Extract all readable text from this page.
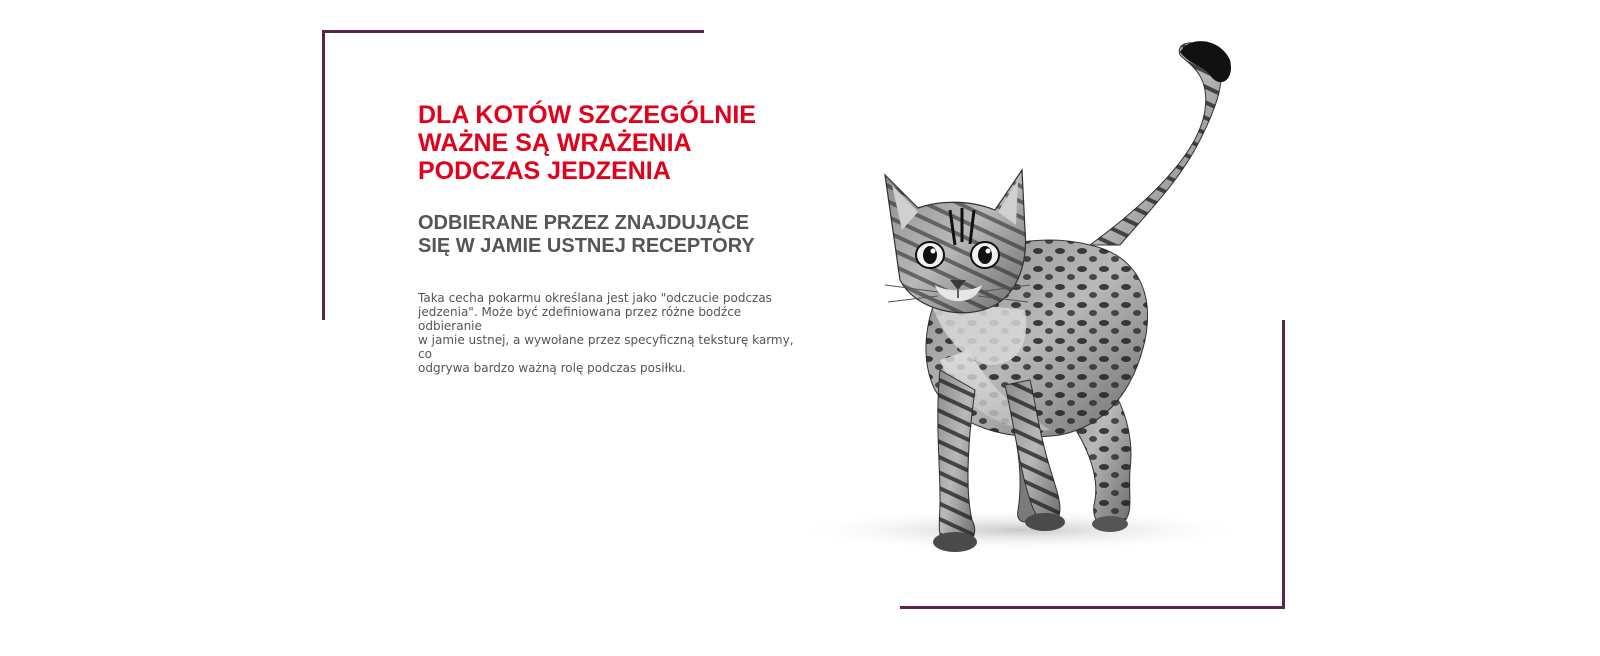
DLA KOTÓW SZCZEGÓLNIE
WAŻNE SĄ WRAŻENIA
PODCZAS JEDZENIA
ODBIERANE PRZEZ ZNAJDUJĄCE
SIĘ W JAMIE USTNEJ RECEPTORY

Taka cecha pokarmu określana jest jako "odczucie podczas
jedzenia". Może być zdefiniowana przez różne bodźce odbieranie
w jamie ustnej, a wywołane przez specyficzną teksturę karmy, co
odgrywa bardzo ważną rolę podczas posiłku.
